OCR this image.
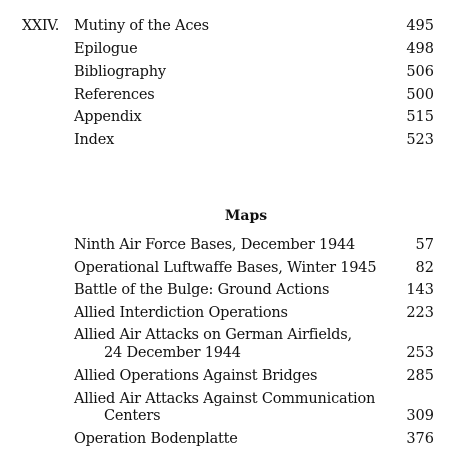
XXIV. Mutiny of the Aces	495
Epilogue	498
Bibliography	506
References	500
Appendix	515
Index	523
Maps
Ninth Air Force Bases, December 1944	57
Operational Luftwaffe Bases, Winter 1945	82
Battle of the Bulge: Ground Actions	143
Allied Interdiction Operations	223
Allied Air Attacks on German Airfields,
24 December 1944	253
Allied Operations Against Bridges	285
Allied Air Attacks Against Communication
Centers	309
Operation Bodenplatte	376
